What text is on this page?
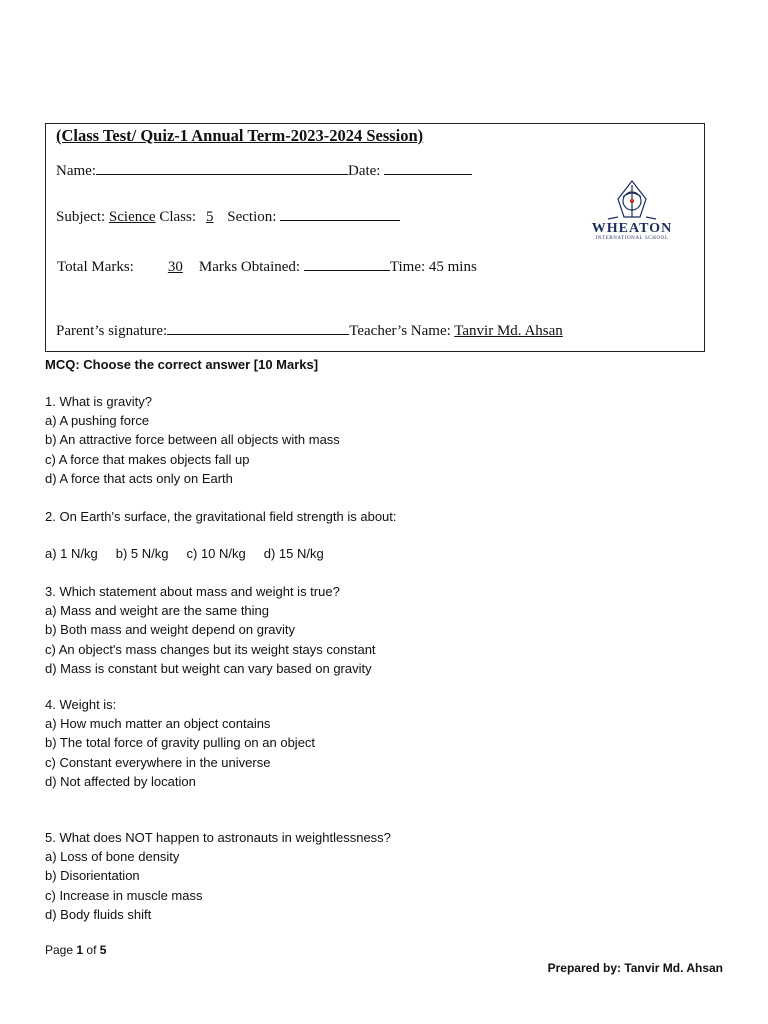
(Class Test/ Quiz-1 Annual Term-2023-2024 Session)
Name:	Date:
Subject: Science Class: 5 Section:
Total Marks: 30 Marks Obtained:	Time: 45 mins
Parent’s signature:	Teacher’s Name: Tanvir Md. Ahsan
WHEATON
INTERNATIONAL SCHOOL
MCQ: Choose the correct answer [10 Marks]
1. What is gravity?
a) A pushing force
b) An attractive force between all objects with mass
c) A force that makes objects fall up
d) A force that acts only on Earth
2. On Earth's surface, the gravitational field strength is about:
a) 1 N/kg b) 5 N/kg c) 10 N/kg d) 15 N/kg
3. Which statement about mass and weight is true?
a) Mass and weight are the same thing
b) Both mass and weight depend on gravity
c) An object's mass changes but its weight stays constant
d) Mass is constant but weight can vary based on gravity
4. Weight is:
a) How much matter an object contains
b) The total force of gravity pulling on an object
c) Constant everywhere in the universe
d) Not affected by location
5. What does NOT happen to astronauts in weightlessness?
a) Loss of bone density
b) Disorientation
c) Increase in muscle mass
d) Body fluids shift
Page 1 of 5
Prepared by: Tanvir Md. Ahsan
